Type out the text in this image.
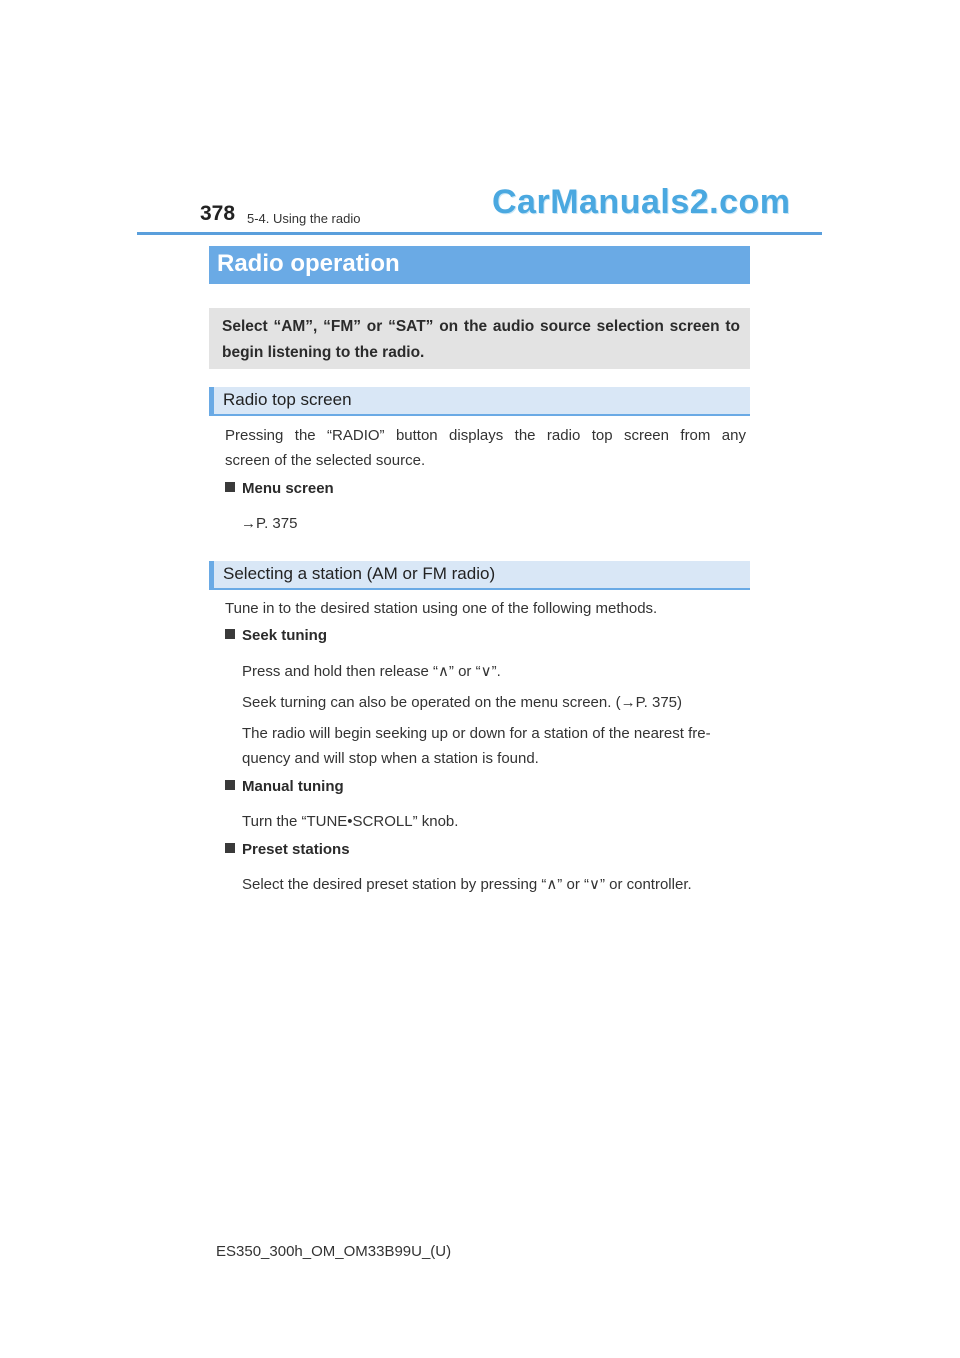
378 5-4. Using the radio	CarManuals2.com
Radio operation
Select “AM”, “FM” or “SAT” on the audio source selection screen to begin listening to the radio.
Radio top screen
Pressing the “RADIO” button displays the radio top screen from any
screen of the selected source.
Menu screen
→P. 375
Selecting a station (AM or FM radio)
Tune in to the desired station using one of the following methods.
Seek tuning
Press and hold then release “∧” or “∨”.
Seek turning can also be operated on the menu screen. (→P. 375)
The radio will begin seeking up or down for a station of the nearest fre-
quency and will stop when a station is found.
Manual tuning
Turn the “TUNE•SCROLL” knob.
Preset stations
Select the desired preset station by pressing “∧” or “∨” or controller.
ES350_300h_OM_OM33B99U_(U)
